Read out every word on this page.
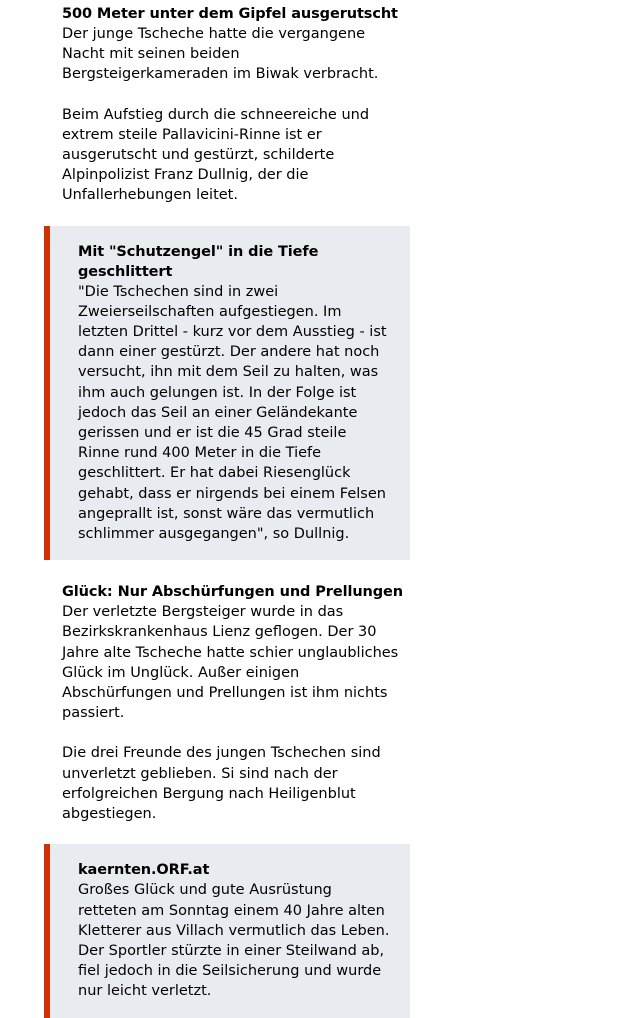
500 Meter unter dem Gipfel ausgerutscht

Der junge Tscheche hatte die vergangene Nacht mit seinen beiden Bergsteigerkameraden im Biwak verbracht.

Beim Aufstieg durch die schneereiche und extrem steile Pallavicini-Rinne ist er ausgerutscht und gestürzt, schilderte Alpinpolizist Franz Dullnig, der die Unfallerhebungen leitet.

Mit "Schutzengel" in die Tiefe geschlittert

"Die Tschechen sind in zwei Zweierseilschaften aufgestiegen. Im letzten Drittel - kurz vor dem Ausstieg - ist dann einer gestürzt. Der andere hat noch versucht, ihn mit dem Seil zu halten, was ihm auch gelungen ist. In der Folge ist jedoch das Seil an einer Geländekante gerissen und er ist die 45 Grad steile Rinne rund 400 Meter in die Tiefe geschlittert. Er hat dabei Riesenglück gehabt, dass er nirgends bei einem Felsen angeprallt ist, sonst wäre das vermutlich schlimmer ausgegangen", so Dullnig.

Glück: Nur Abschürfungen und Prellungen

Der verletzte Bergsteiger wurde in das Bezirkskrankenhaus Lienz geflogen. Der 30 Jahre alte Tscheche hatte schier unglaubliches Glück im Unglück. Außer einigen Abschürfungen und Prellungen ist ihm nichts passiert.

Die drei Freunde des jungen Tschechen sind unverletzt geblieben. Si sind nach der erfolgreichen Bergung nach Heiligenblut abgestiegen.

kaernten.ORF.at

Großes Glück und gute Ausrüstung retteten am Sonntag einem 40 Jahre alten Kletterer aus Villach vermutlich das Leben. Der Sportler stürzte in einer Steilwand ab, fiel jedoch in die Seilsicherung und wurde nur leicht verletzt.
